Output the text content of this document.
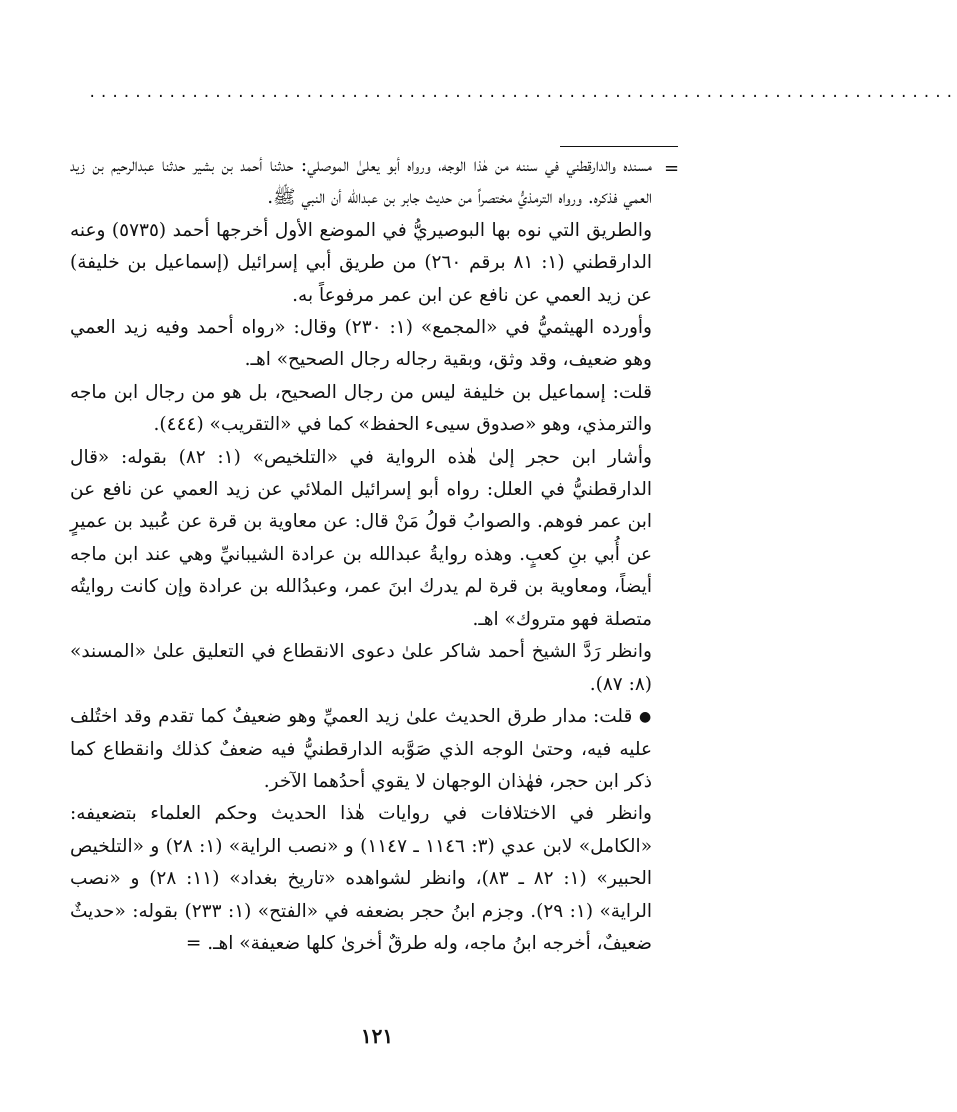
............................................................................
=

مسنده والدارقطني في سننه من هٰذا الوجه، ورواه أبو يعلىٰ الموصلي: حدثنا أحمد بن بشير حدثنا عبدالرحيم بن زيد العمي فذكره. ورواه الترمذيُّ مختصراً من حديث جابر بن عبدالله أن النبي ﷺ.

والطريق التي نوه بها البوصيريُّ في الموضع الأول أخرجها أحمد (٥٧٣٥) وعنه الدارقطني (١: ٨١ برقم ٢٦٠) من طريق أبي إسرائيل (إسماعيل بن خليفة) عن زيد العمي عن نافع عن ابن عمر مرفوعاً به.

وأورده الهيثميُّ في «المجمع» (١: ٢٣٠) وقال: «رواه أحمد وفيه زيد العمي وهو ضعيف، وقد وثق، وبقية رجاله رجال الصحيح» اهـ.

قلت: إسماعيل بن خليفة ليس من رجال الصحيح، بل هو من رجال ابن ماجه والترمذي، وهو «صدوق سيىء الحفظ» كما في «التقريب» (٤٤٤).

وأشار ابن حجر إلىٰ هٰذه الرواية في «التلخيص» (١: ٨٢) بقوله: «قال الدارقطنيُّ في العلل: رواه أبو إسرائيل الملائي عن زيد العمي عن نافع عن ابن عمر فوهم. والصوابُ قولُ مَنْ قال: عن معاوية بن قرة عن عُبيد بن عميرٍ عن أُبي بنِ كعبٍ. وهذه روايةُ عبدالله بن عرادة الشيبانيِّ وهي عند ابن ماجه أيضاً، ومعاوية بن قرة لم يدرك ابنَ عمر، وعبدُالله بن عرادة وإن كانت روايتُه متصلة فهو متروك» اهـ.

وانظر رَدَّ الشيخ أحمد شاكر علىٰ دعوى الانقطاع في التعليق علىٰ «المسند» (٨: ٨٧).

● قلت: مدار طرق الحديث علىٰ زيد العميِّ وهو ضعيفٌ كما تقدم وقد اختُلف عليه فيه، وحتىٰ الوجه الذي صَوَّبه الدارقطنيُّ فيه ضعفٌ كذلك وانقطاع كما ذكر ابن حجر، فهٰذان الوجهان لا يقوي أحدُهما الآخر.

وانظر في الاختلافات في روايات هٰذا الحديث وحكم العلماء بتضعيفه: «الكامل» لابن عدي (٣: ١١٤٦ ـ ١١٤٧) و «نصب الراية» (١: ٢٨) و «التلخيص الحبير» (١: ٨٢ ـ ٨٣)، وانظر لشواهده «تاريخ بغداد» (١١: ٢٨) و «نصب الراية» (١: ٢٩). وجزم ابنُ حجر بضعفه في «الفتح» (١: ٢٣٣) بقوله: «حديثٌ ضعيفٌ، أخرجه ابنُ ماجه، وله طرقٌ أخرىٰ كلها ضعيفة» اهـ. =

١٢١
